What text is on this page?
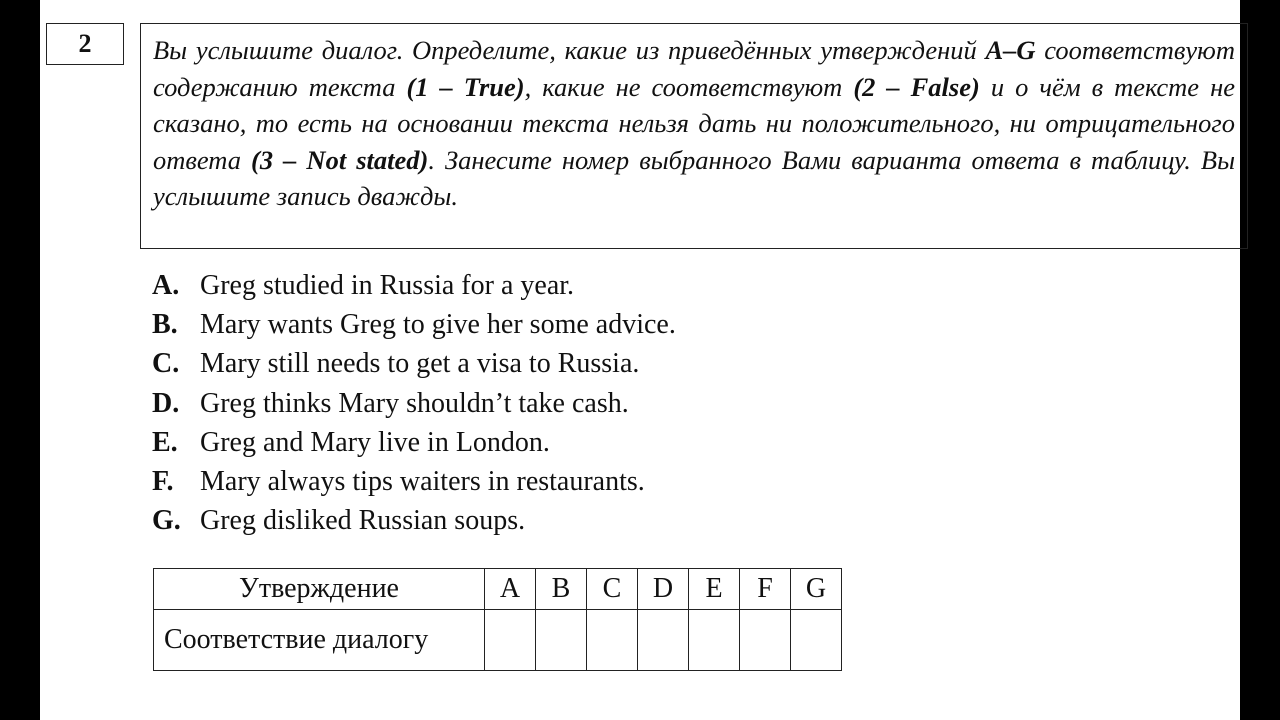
2	Вы услышите диалог. Определите, какие из приведённых утверждений A–G соответствуют содержанию текста (1 – True), какие не соответствуют (2 – False) и о чём в тексте не сказано, то есть на основании текста нельзя дать ни положительного, ни отрицательного ответа (3 – Not stated). Занесите номер выбранного Вами варианта ответа в таблицу. Вы услышите запись дважды.
A. Greg studied in Russia for a year.
B. Mary wants Greg to give her some advice.
C. Mary still needs to get a visa to Russia.
D. Greg thinks Mary shouldn’t take cash.
E. Greg and Mary live in London.
F. Mary always tips waiters in restaurants.
G. Greg disliked Russian soups.
Утверждение	A	B	C	D	E	F	G
Соответствие диалогу							
